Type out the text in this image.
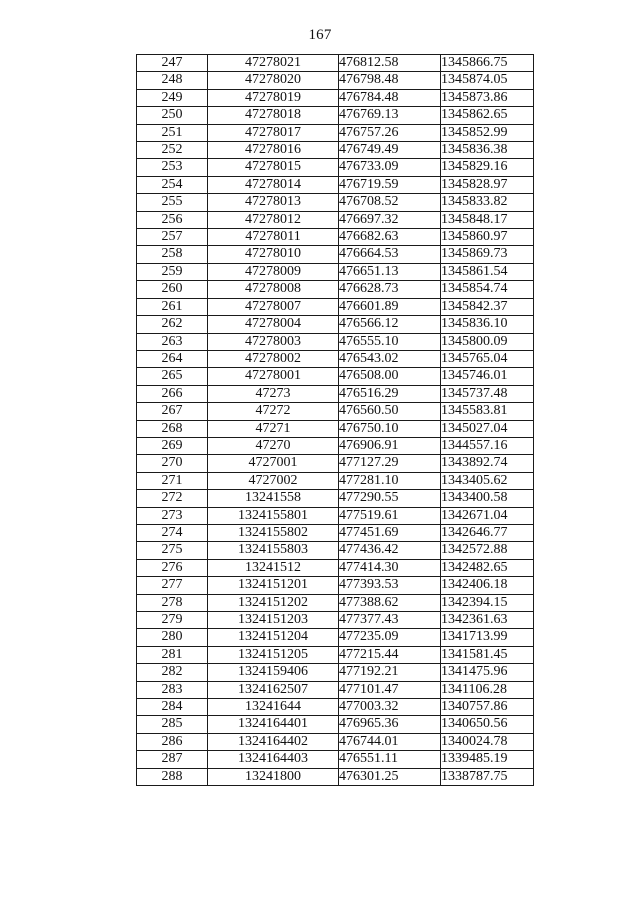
167
247	47278021	476812.58	1345866.75
248	47278020	476798.48	1345874.05
249	47278019	476784.48	1345873.86
250	47278018	476769.13	1345862.65
251	47278017	476757.26	1345852.99
252	47278016	476749.49	1345836.38
253	47278015	476733.09	1345829.16
254	47278014	476719.59	1345828.97
255	47278013	476708.52	1345833.82
256	47278012	476697.32	1345848.17
257	47278011	476682.63	1345860.97
258	47278010	476664.53	1345869.73
259	47278009	476651.13	1345861.54
260	47278008	476628.73	1345854.74
261	47278007	476601.89	1345842.37
262	47278004	476566.12	1345836.10
263	47278003	476555.10	1345800.09
264	47278002	476543.02	1345765.04
265	47278001	476508.00	1345746.01
266	47273	476516.29	1345737.48
267	47272	476560.50	1345583.81
268	47271	476750.10	1345027.04
269	47270	476906.91	1344557.16
270	4727001	477127.29	1343892.74
271	4727002	477281.10	1343405.62
272	13241558	477290.55	1343400.58
273	1324155801	477519.61	1342671.04
274	1324155802	477451.69	1342646.77
275	1324155803	477436.42	1342572.88
276	13241512	477414.30	1342482.65
277	1324151201	477393.53	1342406.18
278	1324151202	477388.62	1342394.15
279	1324151203	477377.43	1342361.63
280	1324151204	477235.09	1341713.99
281	1324151205	477215.44	1341581.45
282	1324159406	477192.21	1341475.96
283	1324162507	477101.47	1341106.28
284	13241644	477003.32	1340757.86
285	1324164401	476965.36	1340650.56
286	1324164402	476744.01	1340024.78
287	1324164403	476551.11	1339485.19
288	13241800	476301.25	1338787.75
